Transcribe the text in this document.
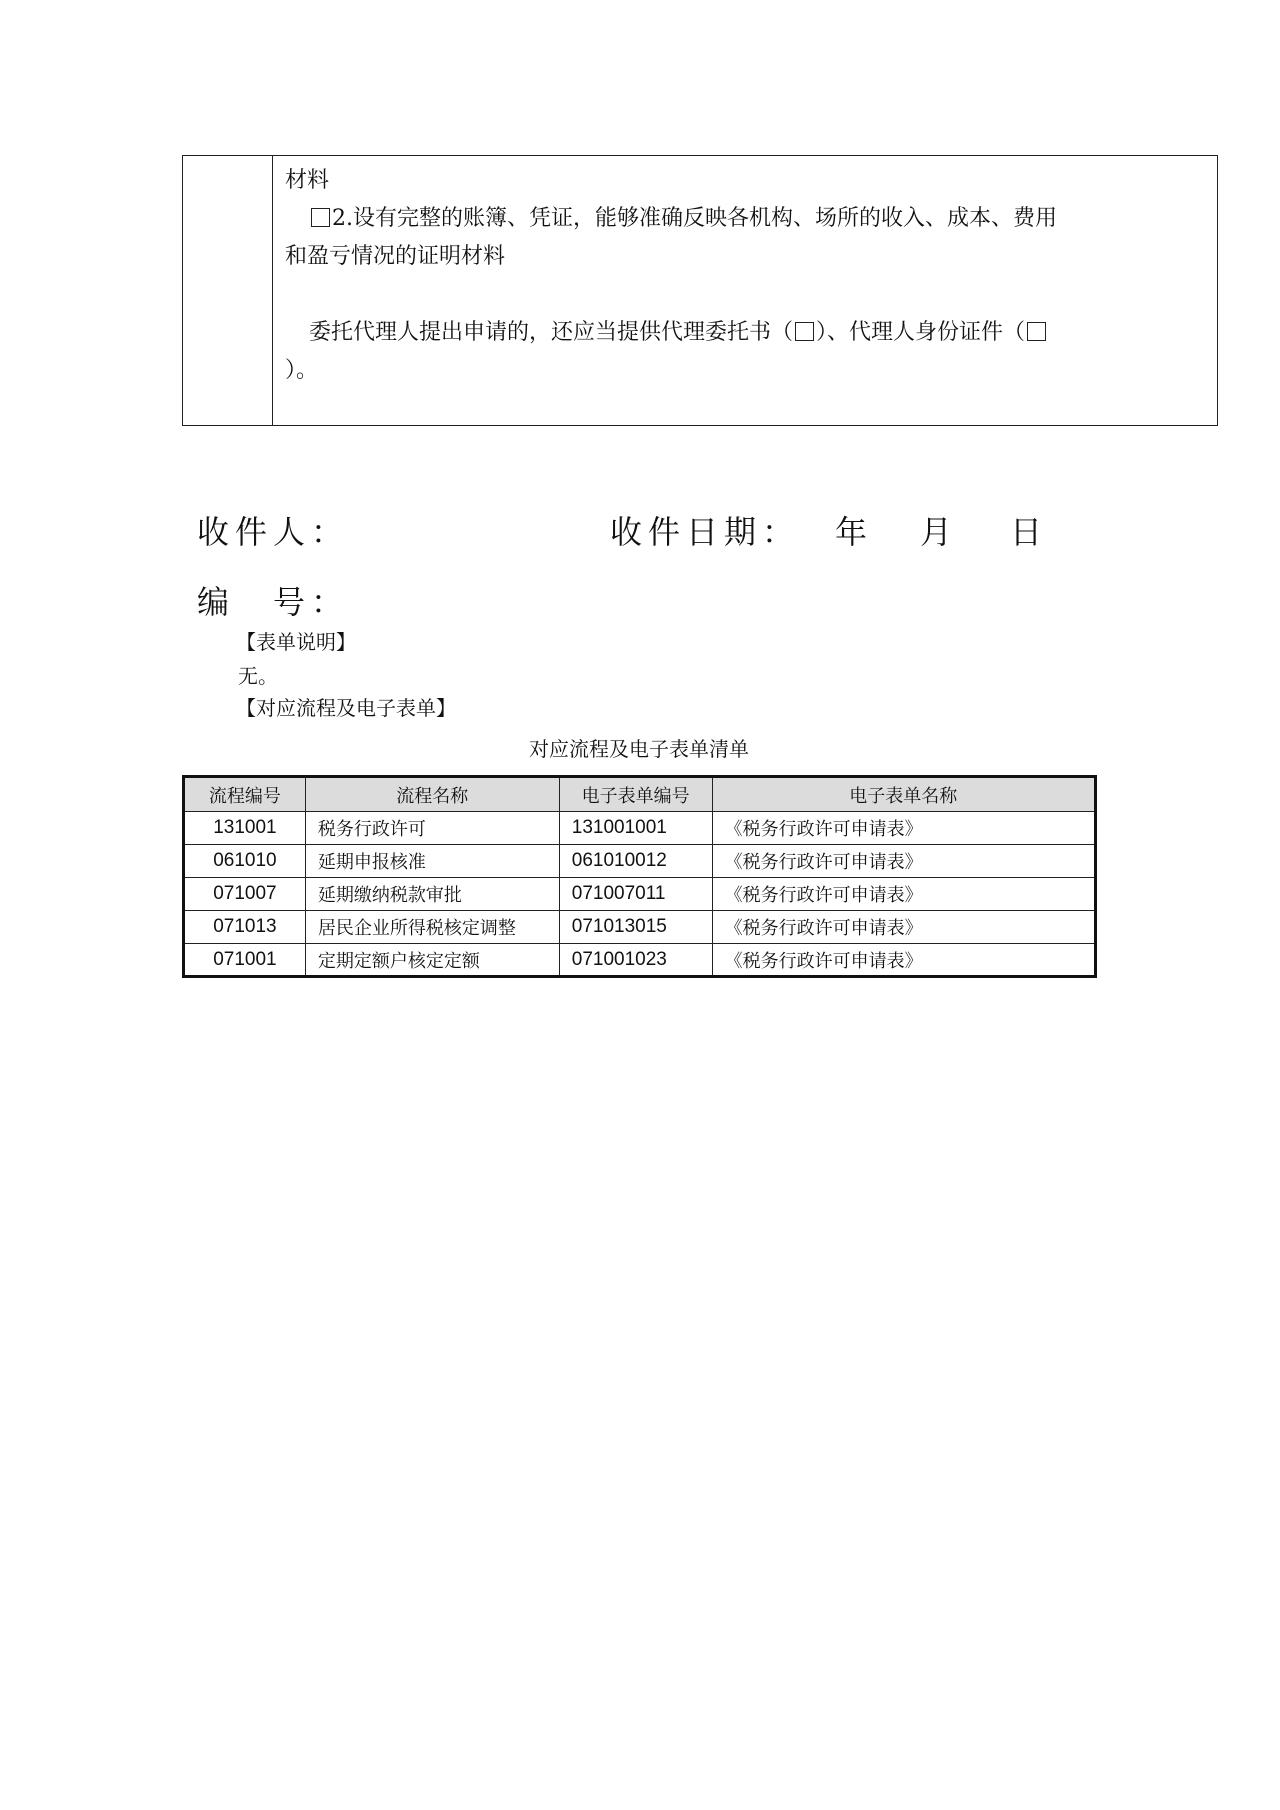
材料

2.设有完整的账簿、凭证，能够准确反映各机构、场所的收入、成本、费用

和盈亏情况的证明材料

委托代理人提出申请的，还应当提供代理委托书（ ）、代理人身份证件（

）。

收件人：	收件日期： 年 月 日
编　号：
【表单说明】
无。
【对应流程及电子表单】
对应流程及电子表单清单
流程编号	流程名称	电子表单编号	电子表单名称
131001	税务行政许可	131001001	《税务行政许可申请表》
061010	延期申报核准	061010012	《税务行政许可申请表》
071007	延期缴纳税款审批	071007011	《税务行政许可申请表》
071013	居民企业所得税核定调整	071013015	《税务行政许可申请表》
071001	定期定额户核定定额	071001023	《税务行政许可申请表》
